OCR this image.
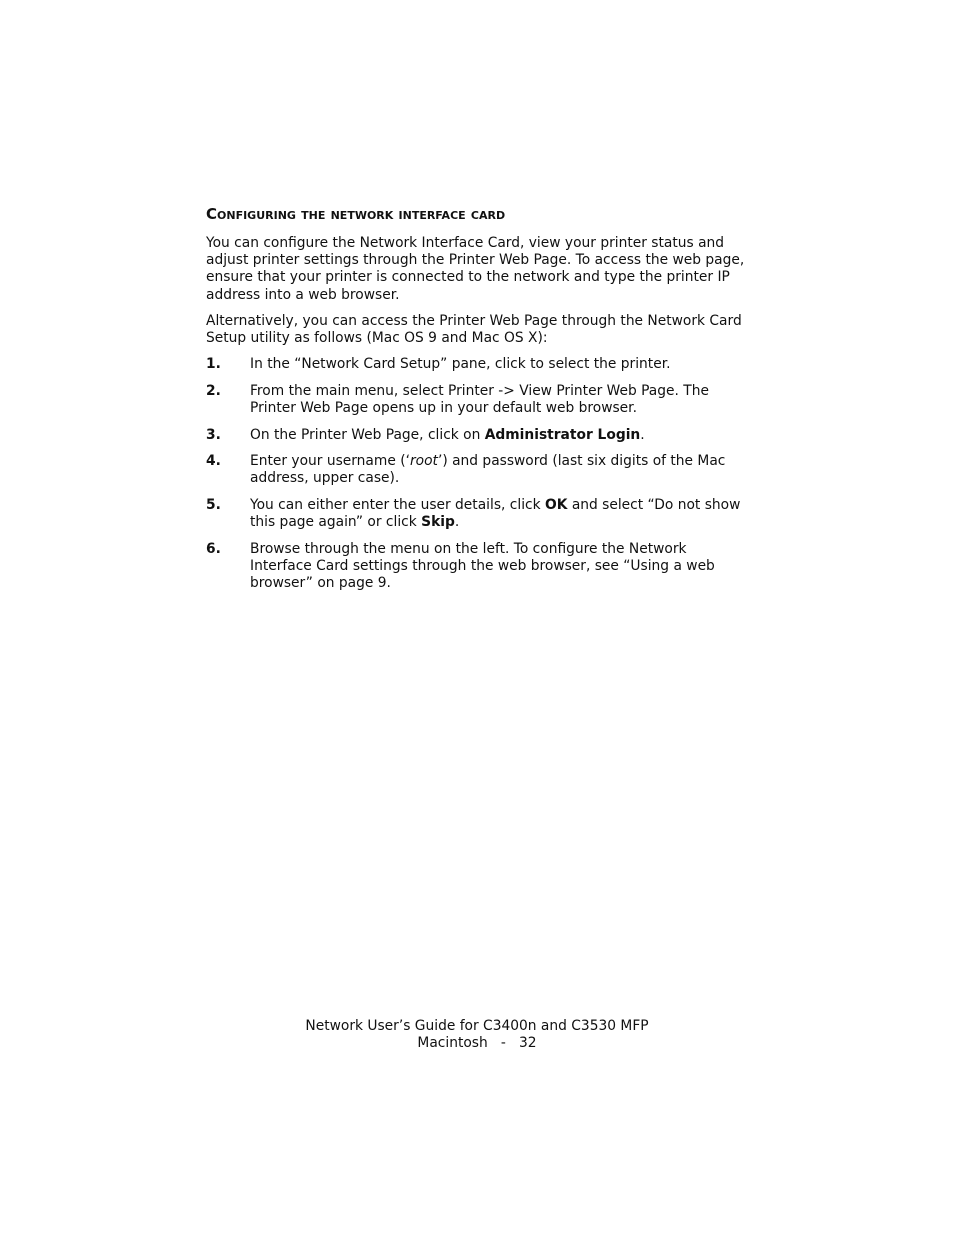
Configuring the network interface card

You can configure the Network Interface Card, view your printer status and adjust printer settings through the Printer Web Page. To access the web page, ensure that your printer is connected to the network and type the printer IP address into a web browser.

Alternatively, you can access the Printer Web Page through the Network Card Setup utility as follows (Mac OS 9 and Mac OS X):

1.	In the “Network Card Setup” pane, click to select the printer.
2.	From the main menu, select Printer -> View Printer Web Page. The Printer Web Page opens up in your default web browser.
3.	On the Printer Web Page, click on Administrator Login.
4.	Enter your username (‘root’) and password (last six digits of the Mac address, upper case).
5.	You can either enter the user details, click OK and select “Do not show this page again” or click Skip.
6.	Browse through the menu on the left. To configure the Network Interface Card settings through the web browser, see “Using a web browser” on page 9.
Network User’s Guide for C3400n and C3530 MFP
Macintosh   -   32
